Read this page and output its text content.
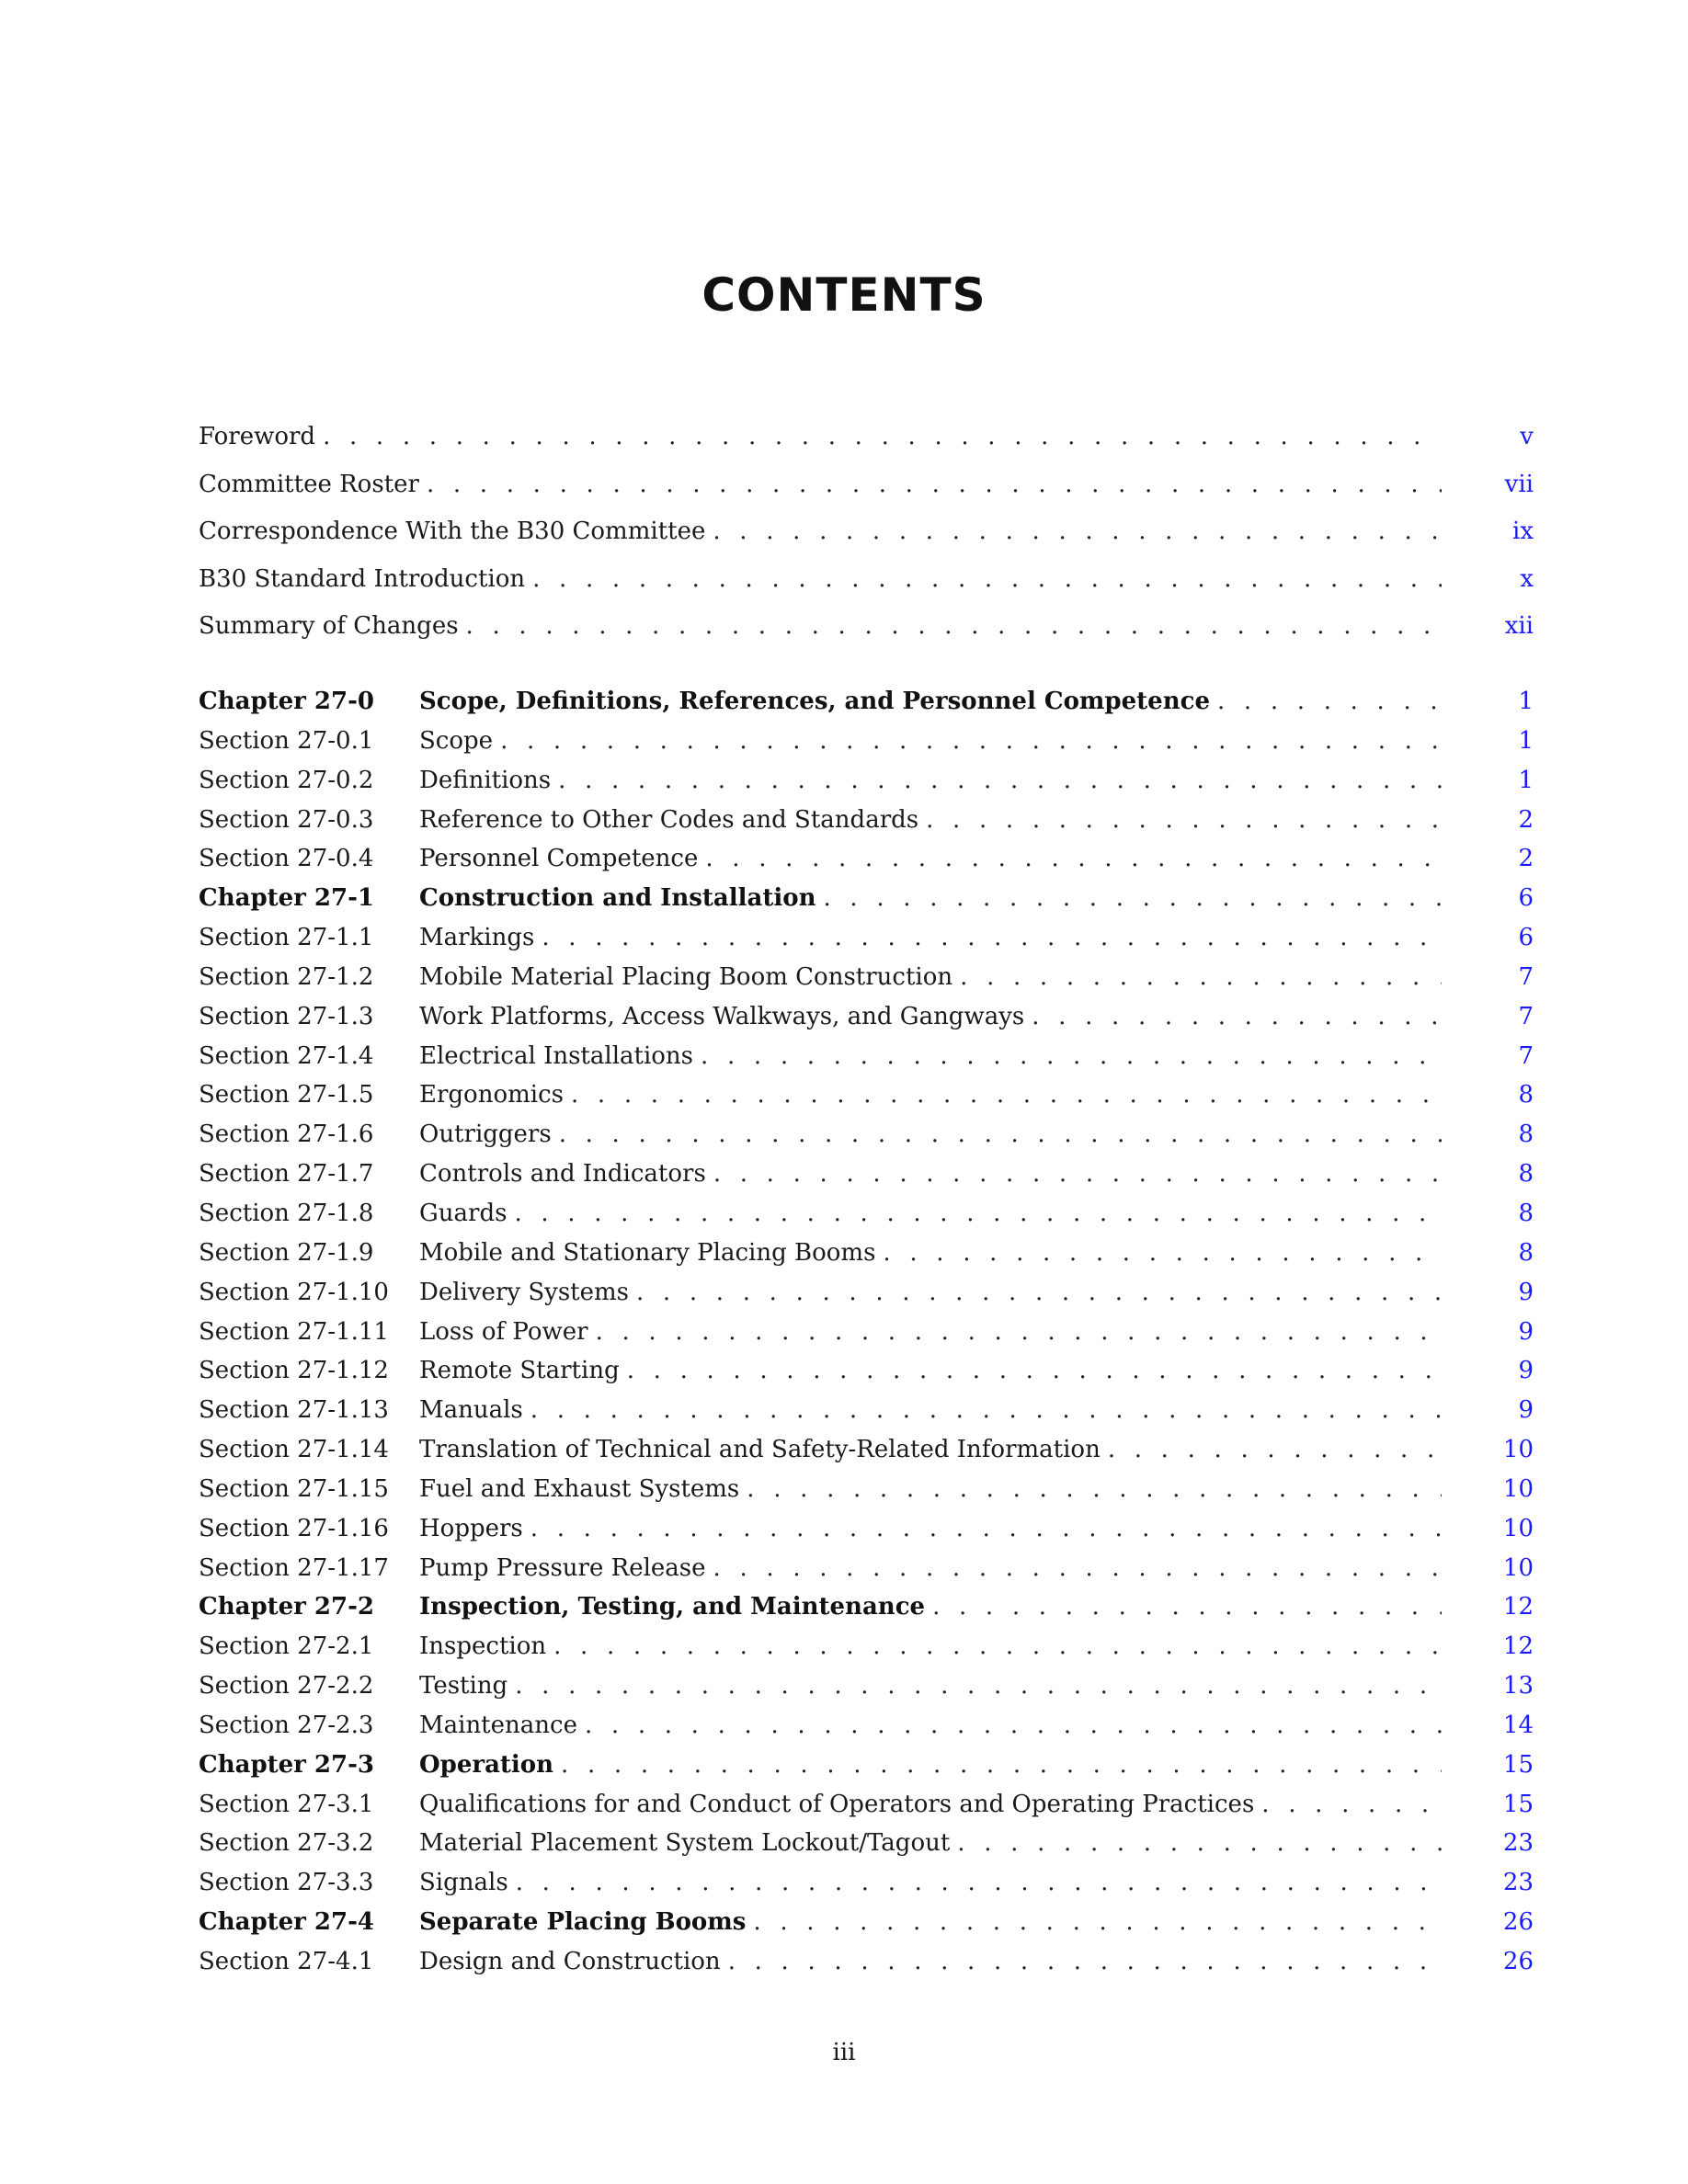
CONTENTS
Foreword . . .	v
Committee Roster . . .	vii
Correspondence With the B30 Committee . . .	ix
B30 Standard Introduction . . .	x
Summary of Changes . . .	xii
Chapter 27-0	Scope, Definitions, References, and Personnel Competence . . .	1
Section 27-0.1	Scope . . .	1
Section 27-0.2	Definitions . . .	1
Section 27-0.3	Reference to Other Codes and Standards . . .	2
Section 27-0.4	Personnel Competence . . .	2
Chapter 27-1	Construction and Installation . . .	6
Section 27-1.1	Markings . . .	6
Section 27-1.2	Mobile Material Placing Boom Construction . . .	7
Section 27-1.3	Work Platforms, Access Walkways, and Gangways . . .	7
Section 27-1.4	Electrical Installations . . .	7
Section 27-1.5	Ergonomics . . .	8
Section 27-1.6	Outriggers . . .	8
Section 27-1.7	Controls and Indicators . . .	8
Section 27-1.8	Guards . . .	8
Section 27-1.9	Mobile and Stationary Placing Booms . . .	8
Section 27-1.10	Delivery Systems . . .	9
Section 27-1.11	Loss of Power . . .	9
Section 27-1.12	Remote Starting . . .	9
Section 27-1.13	Manuals . . .	9
Section 27-1.14	Translation of Technical and Safety-Related Information . . .	10
Section 27-1.15	Fuel and Exhaust Systems . . .	10
Section 27-1.16	Hoppers . . .	10
Section 27-1.17	Pump Pressure Release . . .	10
Chapter 27-2	Inspection, Testing, and Maintenance . . .	12
Section 27-2.1	Inspection . . .	12
Section 27-2.2	Testing . . .	13
Section 27-2.3	Maintenance . . .	14
Chapter 27-3	Operation . . .	15
Section 27-3.1	Qualifications for and Conduct of Operators and Operating Practices . . .	15
Section 27-3.2	Material Placement System Lockout/Tagout . . .	23
Section 27-3.3	Signals . . .	23
Chapter 27-4	Separate Placing Booms . . .	26
Section 27-4.1	Design and Construction . . .	26
iii
